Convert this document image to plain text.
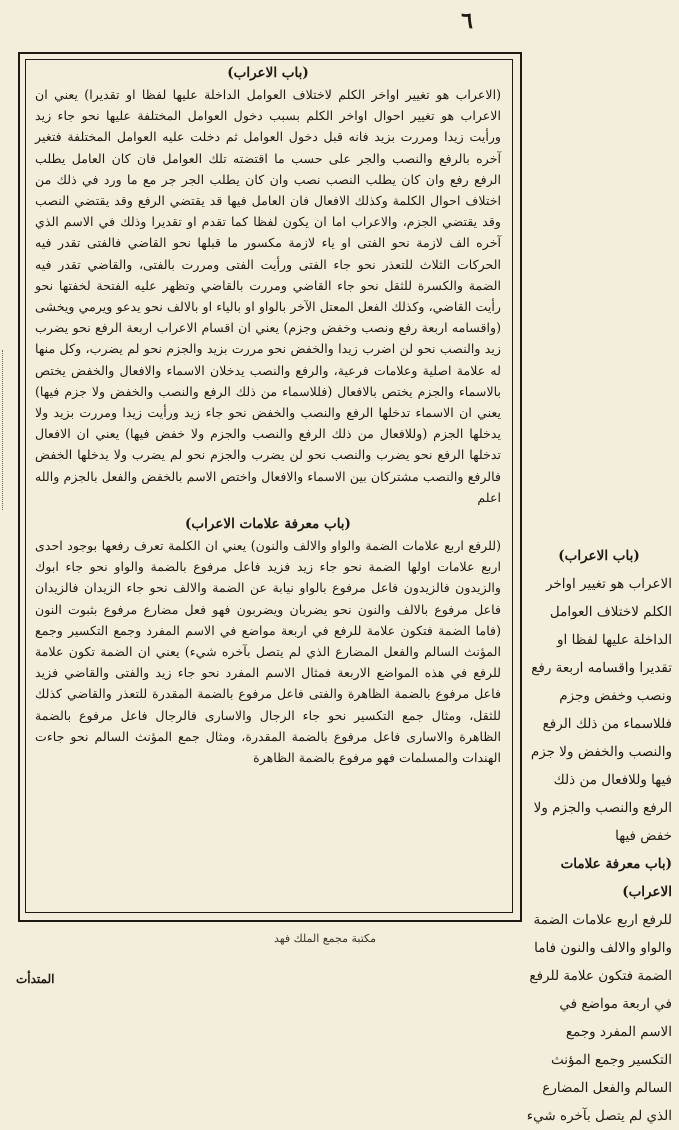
٦
(باب الاعراب)

(الاعراب هو تغيير اواخر الكلم لاختلاف العوامل الداخلة عليها لفظا او تقديرا) يعني ان الاعراب هو تغيير احوال اواخر الكلم بسبب دخول العوامل المختلفة عليها نحو جاء زيد ورأيت زيدا ومررت بزيد فانه قبل دخول العوامل ثم دخلت عليه العوامل المختلفة فتغير آخره بالرفع والنصب والجر على حسب ما اقتضته تلك العوامل فان كان العامل يطلب الرفع رفع وان كان يطلب النصب نصب وان كان يطلب الجر جر مع ما ورد في ذلك من اختلاف احوال الكلمة وكذلك الافعال فان العامل فيها قد يقتضي الرفع وقد يقتضي النصب وقد يقتضي الجزم، والاعراب اما ان يكون لفظا كما تقدم او تقديرا وذلك في الاسم الذي آخره الف لازمة نحو الفتى او ياء لازمة مكسور ما قبلها نحو القاضي فالفتى تقدر فيه الحركات الثلاث للتعذر نحو جاء الفتى ورأيت الفتى ومررت بالفتى، والقاضي تقدر فيه الضمة والكسرة للثقل نحو جاء القاضي ومررت بالقاضي وتظهر عليه الفتحة لخفتها نحو رأيت القاضي، وكذلك الفعل المعتل الآخر بالواو او بالياء او بالالف نحو يدعو ويرمي ويخشى (واقسامه اربعة رفع ونصب وخفض وجزم) يعني ان اقسام الاعراب اربعة الرفع نحو يضرب زيد والنصب نحو لن اضرب زيدا والخفض نحو مررت بزيد والجزم نحو لم يضرب، وكل منها له علامة اصلية وعلامات فرعية، والرفع والنصب يدخلان الاسماء والافعال والخفض يختص بالاسماء والجزم يختص بالافعال (فللاسماء من ذلك الرفع والنصب والخفض ولا جزم فيها) يعني ان الاسماء تدخلها الرفع والنصب والخفض نحو جاء زيد ورأيت زيدا ومررت بزيد ولا يدخلها الجزم (وللافعال من ذلك الرفع والنصب والجزم ولا خفض فيها) يعني ان الافعال تدخلها الرفع نحو يضرب والنصب نحو لن يضرب والجزم نحو لم يضرب ولا يدخلها الخفض فالرفع والنصب مشتركان بين الاسماء والافعال واختص الاسم بالخفض والفعل بالجزم والله اعلم

(باب معرفة علامات الاعراب)

(للرفع اربع علامات الضمة والواو والالف والنون) يعني ان الكلمة تعرف رفعها بوجود احدى اربع علامات اولها الضمة نحو جاء زيد فزيد فاعل مرفوع بالضمة والواو نحو جاء ابوك والزيدون فالزيدون فاعل مرفوع بالواو نيابة عن الضمة والالف نحو جاء الزيدان فالزيدان فاعل مرفوع بالالف والنون نحو يضربان ويضربون فهو فعل مضارع مرفوع بثبوت النون (فاما الضمة فتكون علامة للرفع في اربعة مواضع في الاسم المفرد وجمع التكسير وجمع المؤنث السالم والفعل المضارع الذي لم يتصل بآخره شيء) يعني ان الضمة تكون علامة للرفع في هذه المواضع الاربعة فمثال الاسم المفرد نحو جاء زيد والفتى والقاضي فزيد فاعل مرفوع بالضمة الظاهرة والفتى فاعل مرفوع بالضمة المقدرة للتعذر والقاضي كذلك للثقل، ومثال جمع التكسير نحو جاء الرجال والاسارى فالرجال فاعل مرفوع بالضمة الظاهرة والاسارى فاعل مرفوع بالضمة المقدرة، ومثال جمع المؤنث السالم نحو جاءت الهندات والمسلمات فهو مرفوع بالضمة الظاهرة

(باب الاعراب)

الاعراب هو تغيير اواخر الكلم لاختلاف العوامل الداخلة عليها لفظا او تقديرا واقسامه اربعة رفع ونصب وخفض وجزم فللاسماء من ذلك الرفع والنصب والخفض ولا جزم فيها وللافعال من ذلك الرفع والنصب والجزم ولا خفض فيها

(باب معرفة علامات الاعراب)

للرفع اربع علامات الضمة والواو والالف والنون فاما الضمة فتكون علامة للرفع في اربعة مواضع في الاسم المفرد وجمع التكسير وجمع المؤنث السالم والفعل المضارع الذي لم يتصل بآخره شيء

مكتبة مجمع الملك فهد
المتدأت
